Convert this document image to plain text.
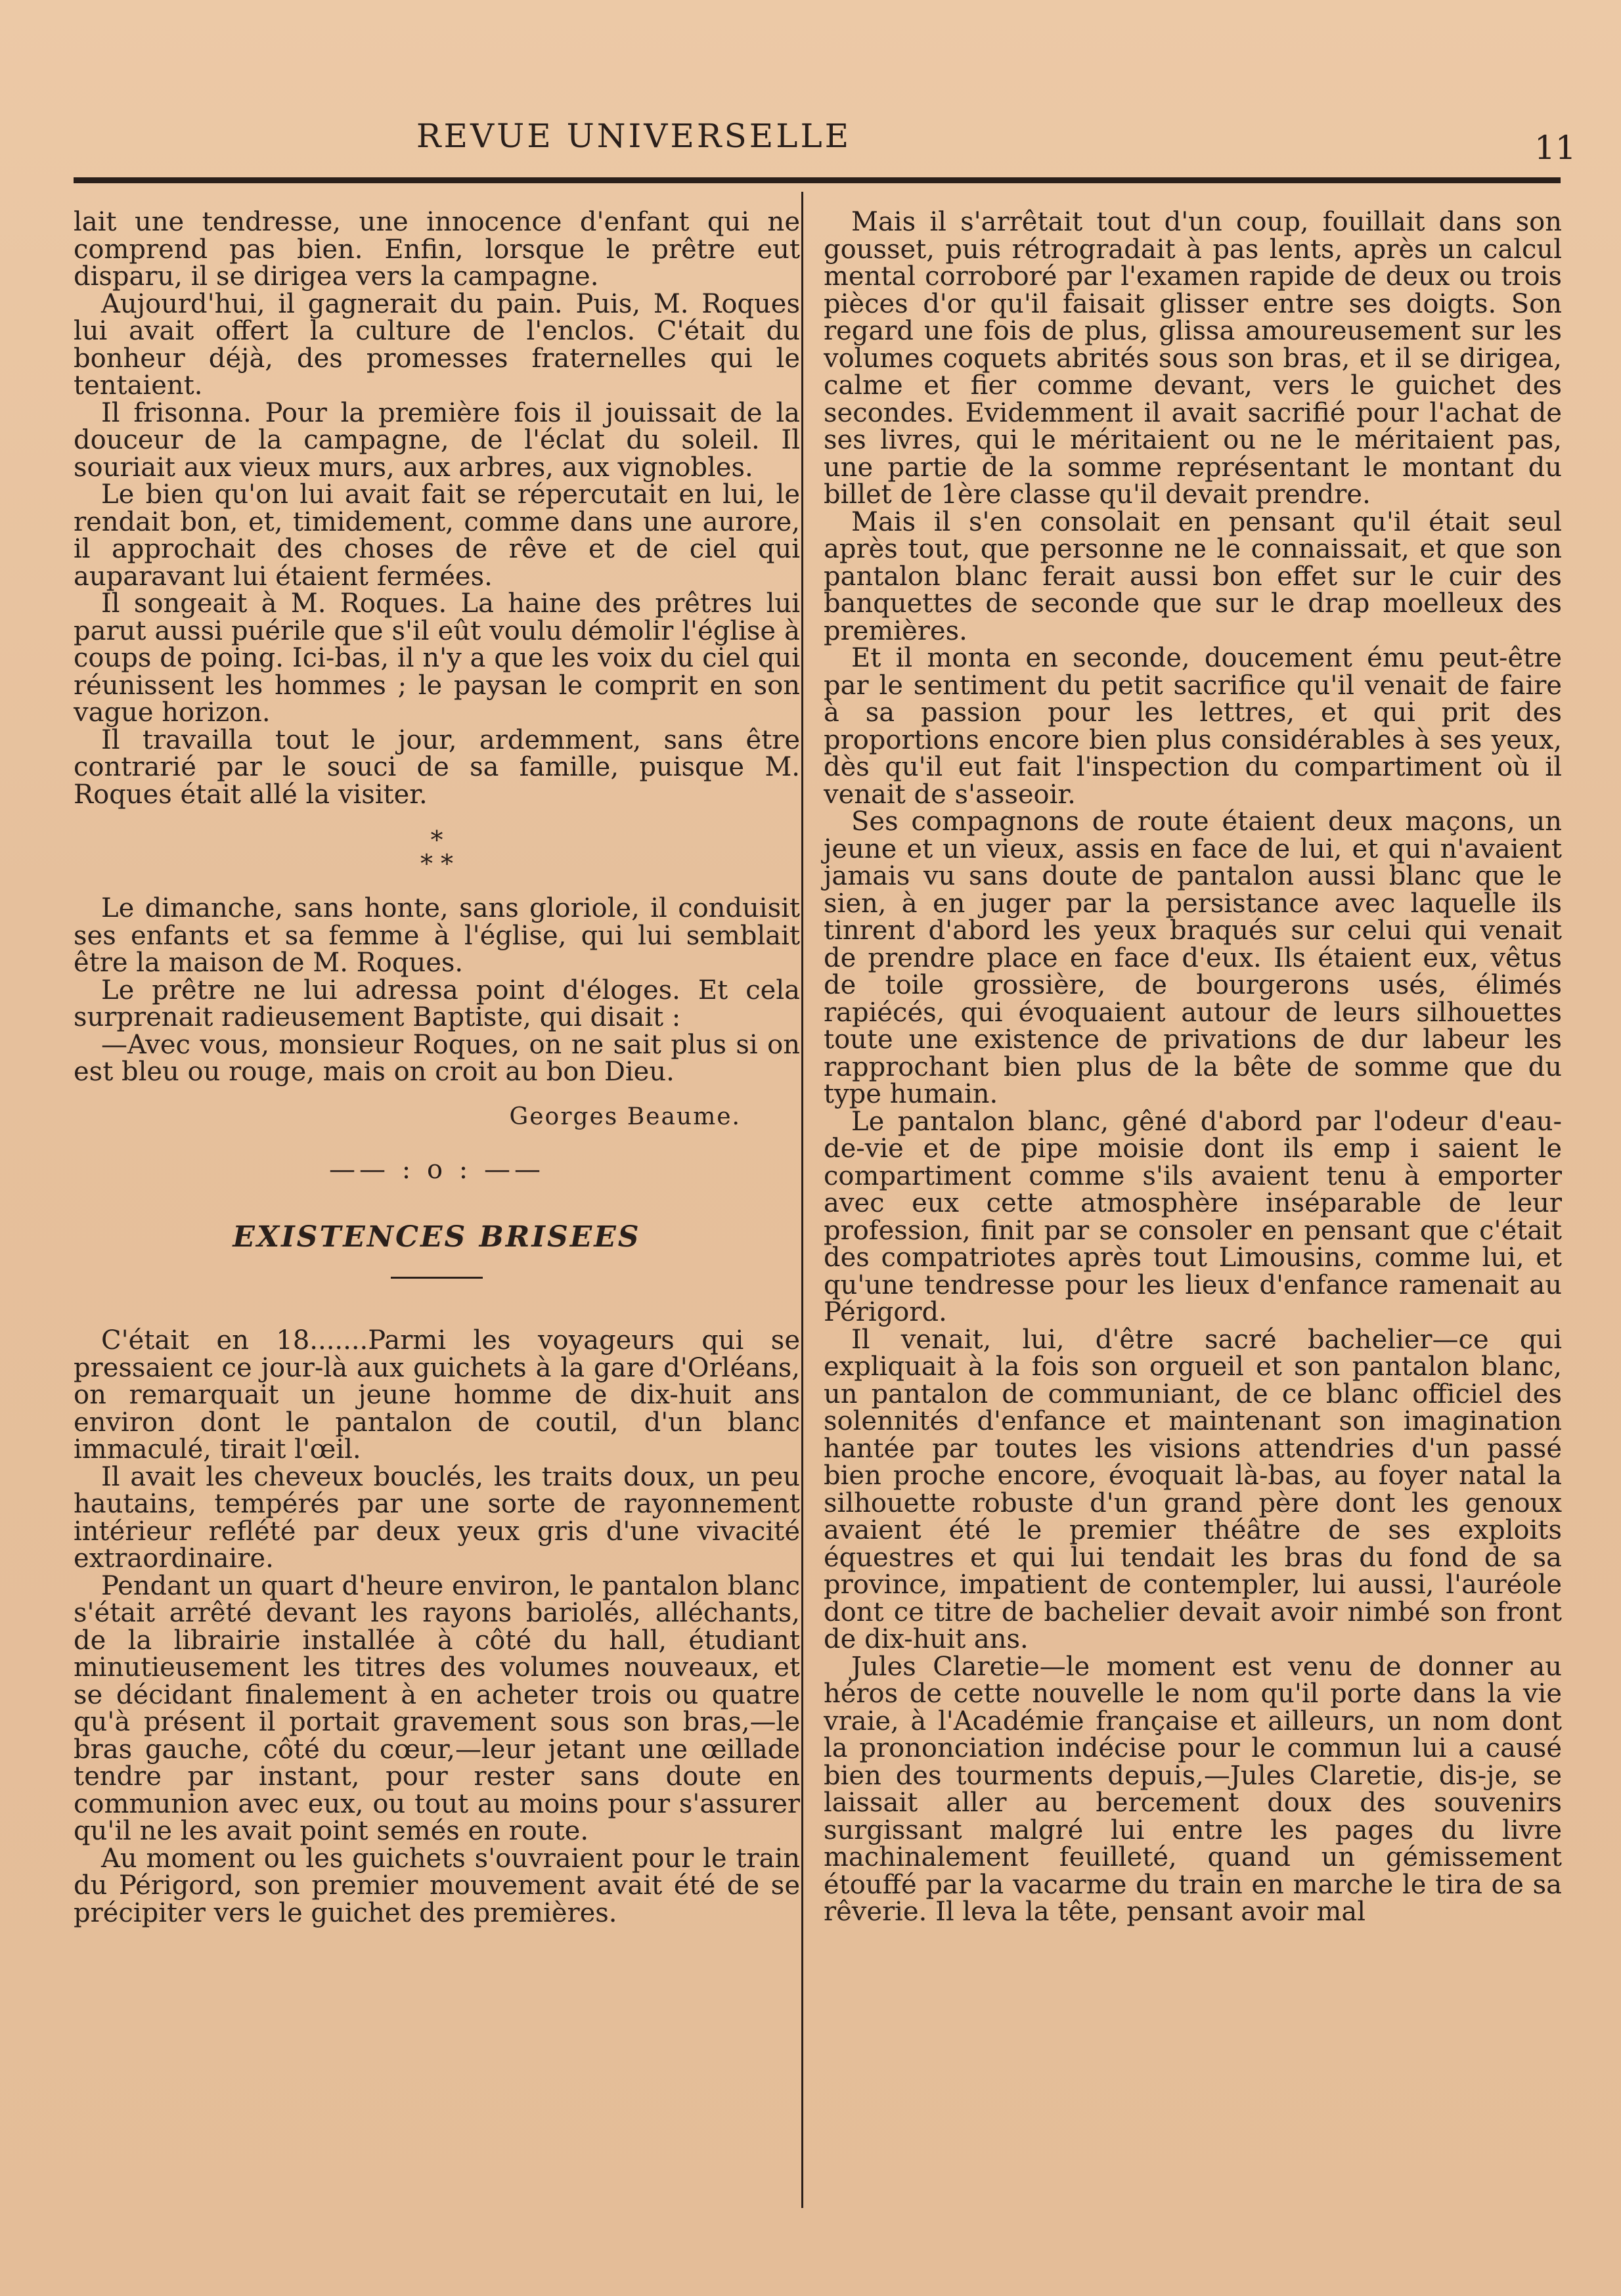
REVUE UNIVERSELLE	11

lait une tendresse, une innocence d'enfant qui ne comprend pas bien. Enfin, lorsque le prêtre eut disparu, il se dirigea vers la campagne.

Aujourd'hui, il gagnerait du pain. Puis, M. Roques lui avait offert la culture de l'enclos. C'était du bonheur déjà, des promesses fraternelles qui le tentaient.

Il frisonna. Pour la première fois il jouissait de la douceur de la campagne, de l'éclat du soleil. Il souriait aux vieux murs, aux arbres, aux vignobles.

Le bien qu'on lui avait fait se répercutait en lui, le rendait bon, et, timidement, comme dans une aurore, il approchait des choses de rêve et de ciel qui auparavant lui étaient fermées.

Il songeait à M. Roques. La haine des prêtres lui parut aussi puérile que s'il eût voulu démolir l'église à coups de poing. Ici-bas, il n'y a que les voix du ciel qui réunissent les hommes ; le paysan le comprit en son vague horizon.

Il travailla tout le jour, ardemment, sans être contrarié par le souci de sa famille, puisque M. Roques était allé la visiter.

*
* *

Le dimanche, sans honte, sans gloriole, il conduisit ses enfants et sa femme à l'église, qui lui semblait être la maison de M. Roques.

Le prêtre ne lui adressa point d'éloges. Et cela surprenait radieusement Baptiste, qui disait :

—Avec vous, monsieur Roques, on ne sait plus si on est bleu ou rouge, mais on croit au bon Dieu.

Georges Beaume.
—— : o : ——
EXISTENCES BRISEES

C'était en 18.......Parmi les voyageurs qui se pressaient ce jour-là aux guichets à la gare d'Orléans, on remarquait un jeune homme de dix-huit ans environ dont le pantalon de coutil, d'un blanc immaculé, tirait l'œil.

Il avait les cheveux bouclés, les traits doux, un peu hautains, tempérés par une sorte de rayonnement intérieur reflété par deux yeux gris d'une vivacité extraordinaire.

Pendant un quart d'heure environ, le pantalon blanc s'était arrêté devant les rayons bariolés, alléchants, de la librairie installée à côté du hall, étudiant minutieusement les titres des volumes nouveaux, et se décidant finalement à en acheter trois ou quatre qu'à présent il portait gravement sous son bras,—le bras gauche, côté du cœur,—leur jetant une œillade tendre par instant, pour rester sans doute en communion avec eux, ou tout au moins pour s'assurer qu'il ne les avait point semés en route.

Au moment ou les guichets s'ouvraient pour le train du Périgord, son premier mouvement avait été de se précipiter vers le guichet des premières.

Mais il s'arrêtait tout d'un coup, fouillait dans son gousset, puis rétrogradait à pas lents, après un calcul mental corroboré par l'examen rapide de deux ou trois pièces d'or qu'il faisait glisser entre ses doigts. Son regard une fois de plus, glissa amoureusement sur les volumes coquets abrités sous son bras, et il se dirigea, calme et fier comme devant, vers le guichet des secondes. Evidemment il avait sacrifié pour l'achat de ses livres, qui le méritaient ou ne le méritaient pas, une partie de la somme représentant le montant du billet de 1ère classe qu'il devait prendre.

Mais il s'en consolait en pensant qu'il était seul après tout, que personne ne le connaissait, et que son pantalon blanc ferait aussi bon effet sur le cuir des banquettes de seconde que sur le drap moelleux des premières.

Et il monta en seconde, doucement ému peut-être par le sentiment du petit sacrifice qu'il venait de faire à sa passion pour les lettres, et qui prit des proportions encore bien plus considérables à ses yeux, dès qu'il eut fait l'inspection du compartiment où il venait de s'asseoir.

Ses compagnons de route étaient deux maçons, un jeune et un vieux, assis en face de lui, et qui n'avaient jamais vu sans doute de pantalon aussi blanc que le sien, à en juger par la persistance avec laquelle ils tinrent d'abord les yeux braqués sur celui qui venait de prendre place en face d'eux. Ils étaient eux, vêtus de toile grossière, de bourgerons usés, élimés rapiécés, qui évoquaient autour de leurs silhouettes toute une existence de privations de dur labeur les rapprochant bien plus de la bête de somme que du type humain.

Le pantalon blanc, gêné d'abord par l'odeur d'eau-de-vie et de pipe moisie dont ils emp i saient le compartiment comme s'ils avaient tenu à emporter avec eux cette atmosphère inséparable de leur profession, finit par se consoler en pensant que c'était des compatriotes après tout Limousins, comme lui, et qu'une tendresse pour les lieux d'enfance ramenait au Périgord.

Il venait, lui, d'être sacré bachelier—ce qui expliquait à la fois son orgueil et son pantalon blanc, un pantalon de communiant, de ce blanc officiel des solennités d'enfance et maintenant son imagination hantée par toutes les visions attendries d'un passé bien proche encore, évoquait là-bas, au foyer natal la silhouette robuste d'un grand père dont les genoux avaient été le premier théâtre de ses exploits équestres et qui lui tendait les bras du fond de sa province, impatient de contempler, lui aussi, l'auréole dont ce titre de bachelier devait avoir nimbé son front de dix-huit ans.

Jules Claretie—le moment est venu de donner au héros de cette nouvelle le nom qu'il porte dans la vie vraie, à l'Académie française et ailleurs, un nom dont la prononciation indécise pour le commun lui a causé bien des tourments depuis,—Jules Claretie, dis-je, se laissait aller au bercement doux des souvenirs surgissant malgré lui entre les pages du livre machinalement feuilleté, quand un gémissement étouffé par la vacarme du train en marche le tira de sa rêverie. Il leva la tête, pensant avoir mal
